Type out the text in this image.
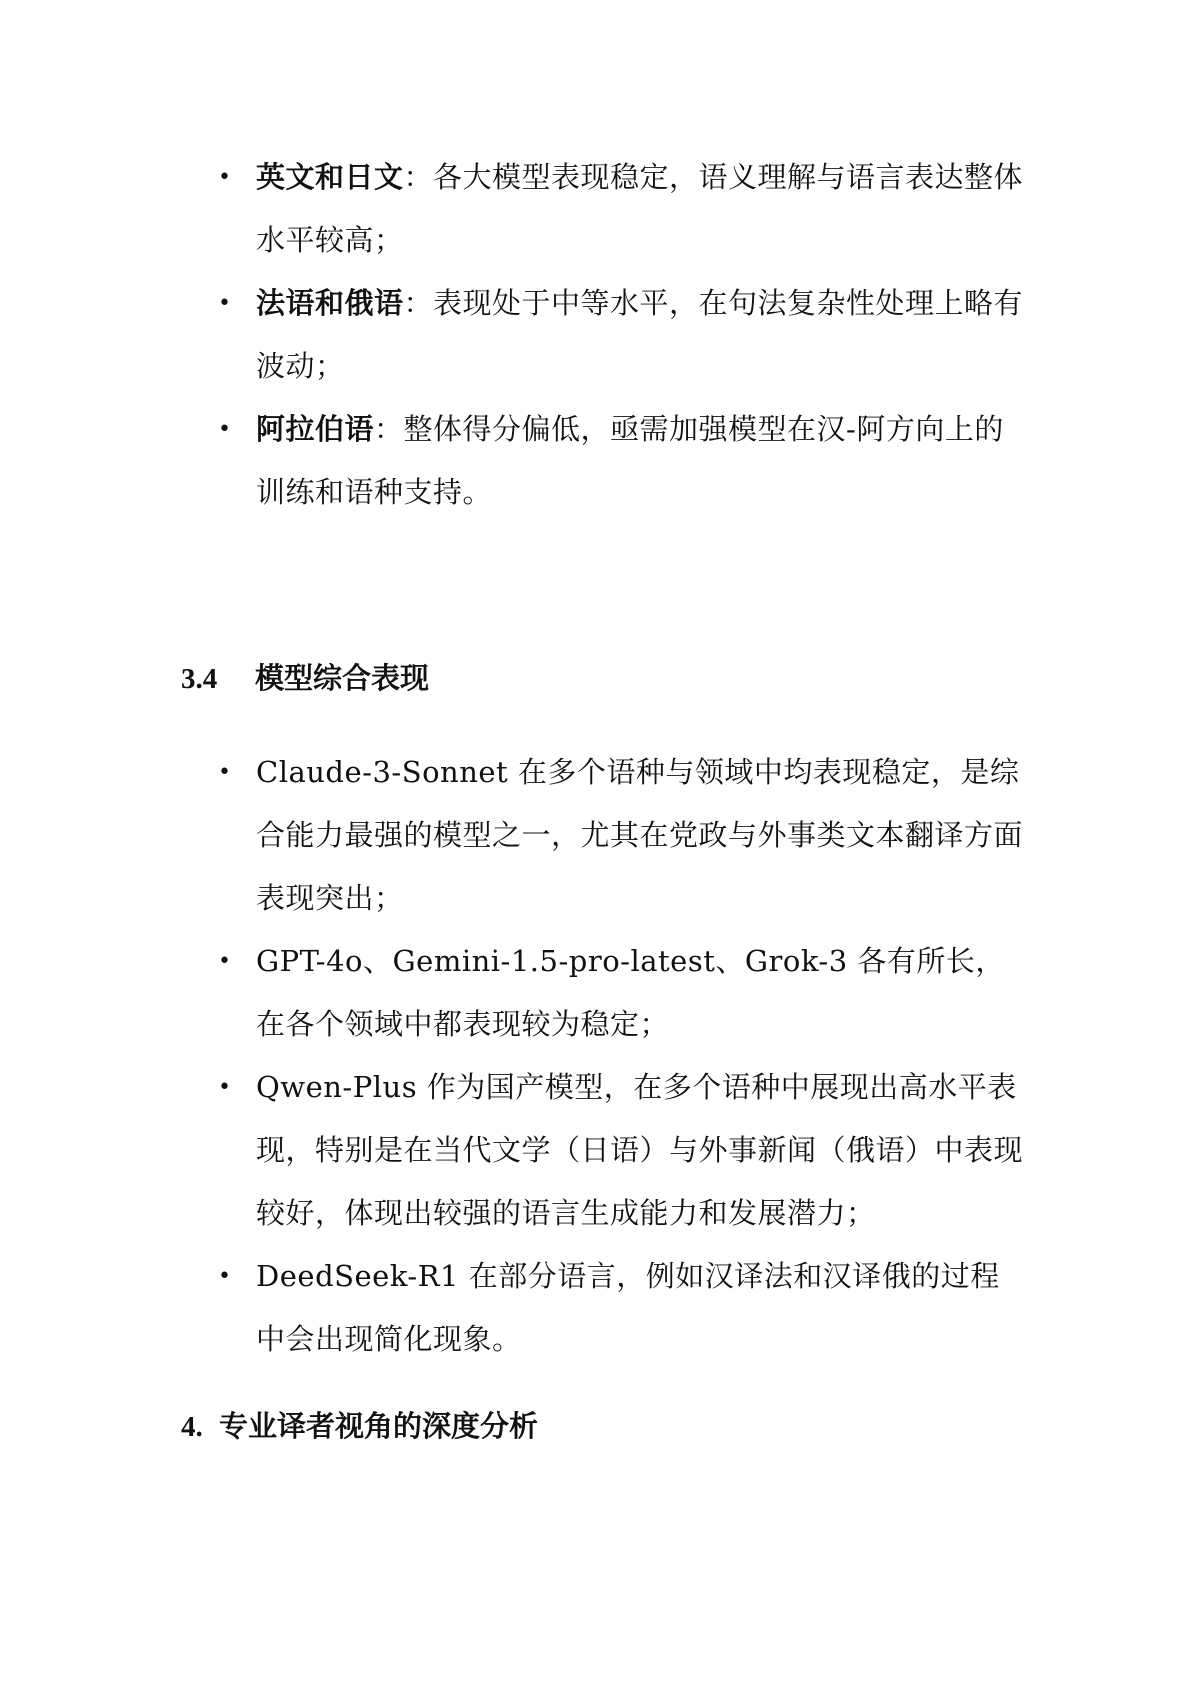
• 英文和日文：各大模型表现稳定，语义理解与语言表达整体水平较高；
• 法语和俄语：表现处于中等水平，在句法复杂性处理上略有波动；
• 阿拉伯语：整体得分偏低，亟需加强模型在汉-阿方向上的训练和语种支持。
3.4 模型综合表现
• Claude-3-Sonnet 在多个语种与领域中均表现稳定，是综合能力最强的模型之一，尤其在党政与外事类文本翻译方面表现突出；
• GPT-4o、Gemini-1.5-pro-latest、Grok-3 各有所长，在各个领域中都表现较为稳定；
• Qwen-Plus 作为国产模型，在多个语种中展现出高水平表现，特别是在当代文学（日语）与外事新闻（俄语）中表现较好，体现出较强的语言生成能力和发展潜力；
• DeedSeek-R1 在部分语言，例如汉译法和汉译俄的过程中会出现简化现象。
4. 专业译者视角的深度分析
